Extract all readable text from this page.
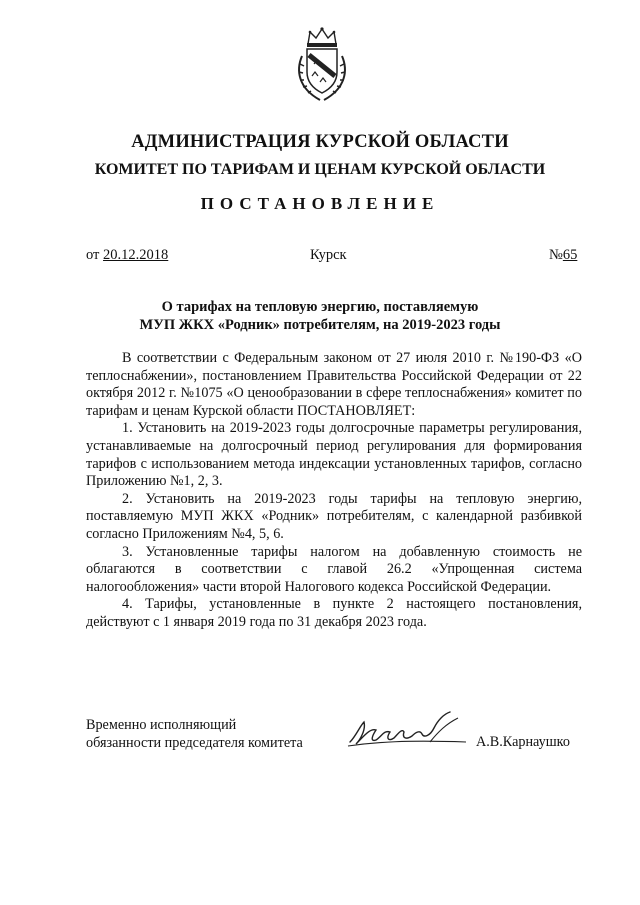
АДМИНИСТРАЦИЯ КУРСКОЙ ОБЛАСТИ
КОМИТЕТ ПО ТАРИФАМ И ЦЕНАМ КУРСКОЙ ОБЛАСТИ
ПОСТАНОВЛЕНИЕ
от 20.12.2018	Курск	№65
О тарифах на тепловую энергию, поставляемую
МУП ЖКХ «Родник» потребителям, на 2019-2023 годы

В соответствии с Федеральным законом от 27 июля 2010 г. №190-ФЗ «О теплоснабжении», постановлением Правительства Российской Федерации от 22 октября 2012 г. №1075 «О ценообразовании в сфере теплоснабжения» комитет по тарифам и ценам Курской области ПОСТАНОВЛЯЕТ:

1. Установить на 2019-2023 годы долгосрочные параметры регулирования, устанавливаемые на долгосрочный период регулирования для формирования тарифов с использованием метода индексации установленных тарифов, согласно Приложению №1, 2, 3.

2. Установить на 2019-2023 годы тарифы на тепловую энергию, поставляемую МУП ЖКХ «Родник» потребителям, с календарной разбивкой согласно Приложениям №4, 5, 6.

3. Установленные тарифы налогом на добавленную стоимость не облагаются в соответствии с главой 26.2 «Упрощенная система налогообложения» части второй Налогового кодекса Российской Федерации.

4. Тарифы, установленные в пункте 2 настоящего постановления, действуют с 1 января 2019 года по 31 декабря 2023 года.

Временно исполняющий
обязанности председателя комитета	А.В.Карнаушко
